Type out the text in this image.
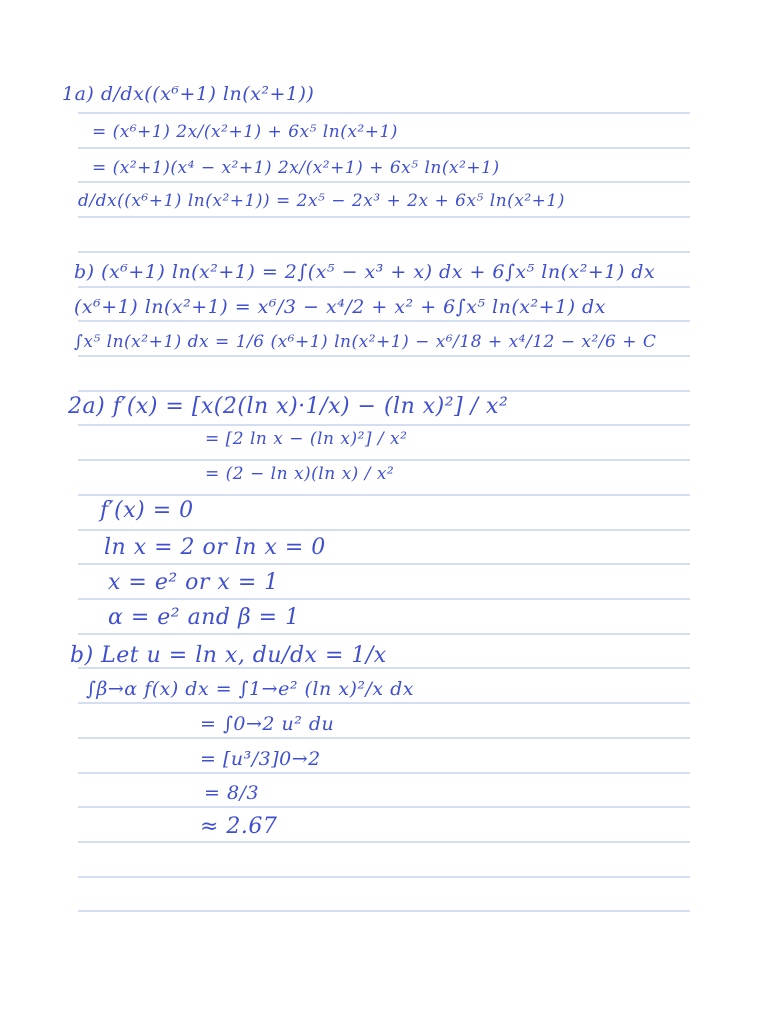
1a) d/dx((x⁶+1) ln(x²+1))
= (x⁶+1) 2x/(x²+1) + 6x⁵ ln(x²+1)
= (x²+1)(x⁴ − x²+1) 2x/(x²+1) + 6x⁵ ln(x²+1)
d/dx((x⁶+1) ln(x²+1)) = 2x⁵ − 2x³ + 2x + 6x⁵ ln(x²+1)
b) (x⁶+1) ln(x²+1) = 2∫(x⁵ − x³ + x) dx + 6∫x⁵ ln(x²+1) dx
(x⁶+1) ln(x²+1) = x⁶/3 − x⁴/2 + x² + 6∫x⁵ ln(x²+1) dx
∫x⁵ ln(x²+1) dx = 1/6 (x⁶+1) ln(x²+1) − x⁶/18 + x⁴/12 − x²/6 + C
2a) f′(x) = [x(2(ln x)·1/x) − (ln x)²] / x²
= [2 ln x − (ln x)²] / x²
= (2 − ln x)(ln x) / x²
f′(x) = 0
ln x = 2 or ln x = 0
x = e² or x = 1
α = e² and β = 1
b) Let u = ln x, du/dx = 1/x
∫β→α f(x) dx = ∫1→e² (ln x)²/x dx
= ∫0→2 u² du
= [u³/3]0→2
= 8/3
≈ 2.67
